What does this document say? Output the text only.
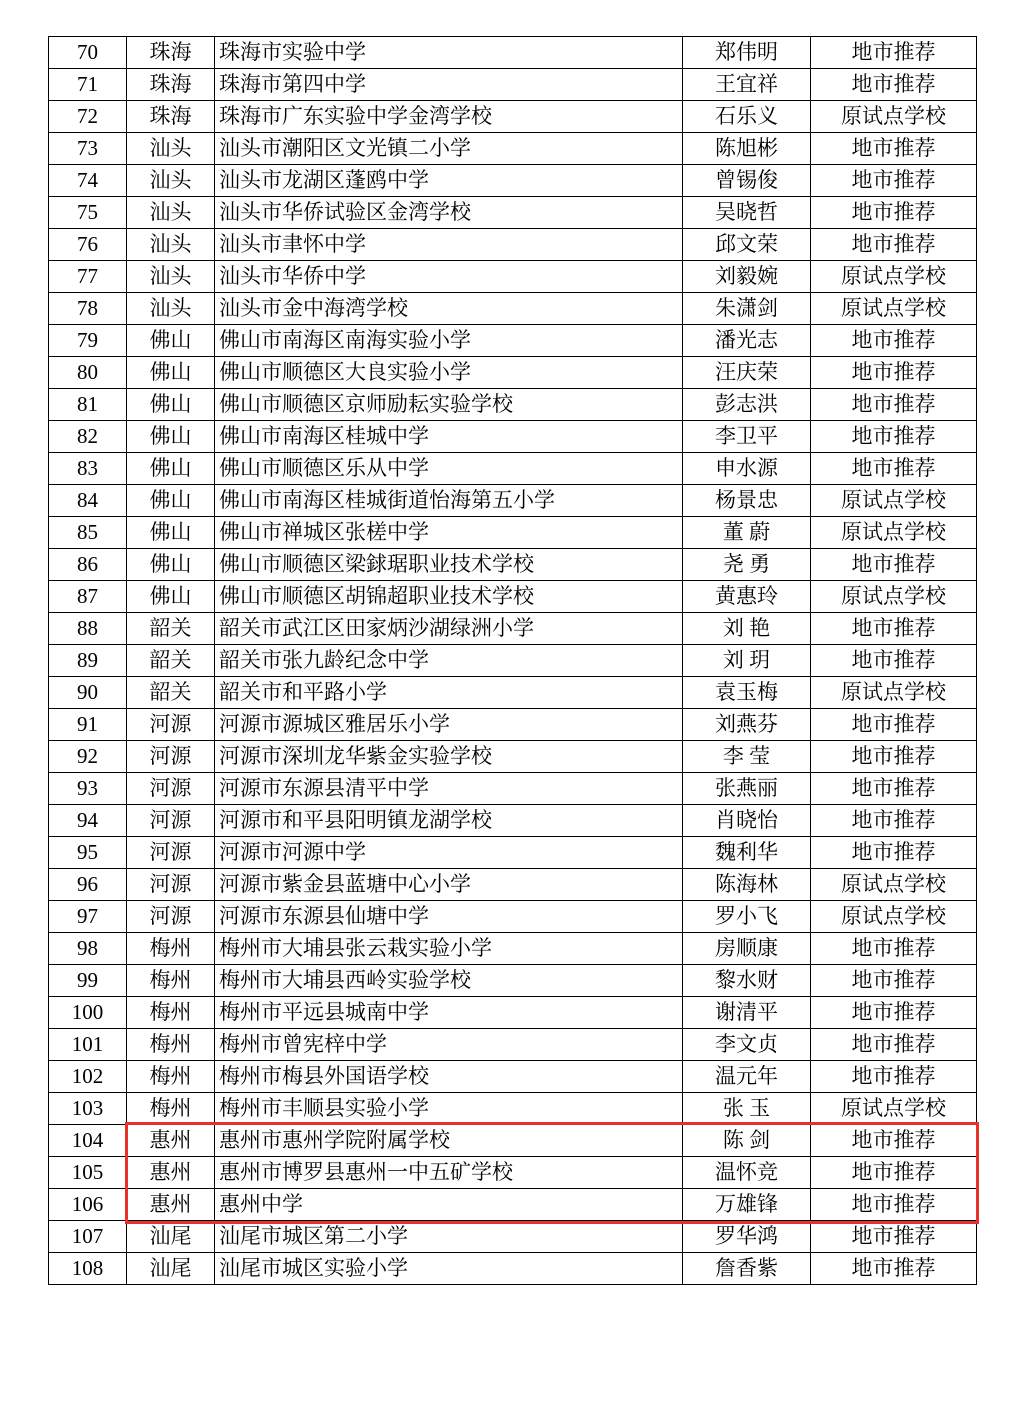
70	珠海	珠海市实验中学	郑伟明	地市推荐
71	珠海	珠海市第四中学	王宜祥	地市推荐
72	珠海	珠海市广东实验中学金湾学校	石乐义	原试点学校
73	汕头	汕头市潮阳区文光镇二小学	陈旭彬	地市推荐
74	汕头	汕头市龙湖区蓬鸥中学	曾锡俊	地市推荐
75	汕头	汕头市华侨试验区金湾学校	吴晓哲	地市推荐
76	汕头	汕头市聿怀中学	邱文荣	地市推荐
77	汕头	汕头市华侨中学	刘毅婉	原试点学校
78	汕头	汕头市金中海湾学校	朱潇剑	原试点学校
79	佛山	佛山市南海区南海实验小学	潘光志	地市推荐
80	佛山	佛山市顺德区大良实验小学	汪庆荣	地市推荐
81	佛山	佛山市顺德区京师励耘实验学校	彭志洪	地市推荐
82	佛山	佛山市南海区桂城中学	李卫平	地市推荐
83	佛山	佛山市顺德区乐从中学	申水源	地市推荐
84	佛山	佛山市南海区桂城街道怡海第五小学	杨景忠	原试点学校
85	佛山	佛山市禅城区张槎中学	董 蔚	原试点学校
86	佛山	佛山市顺德区梁銶琚职业技术学校	尧 勇	地市推荐
87	佛山	佛山市顺德区胡锦超职业技术学校	黄惠玲	原试点学校
88	韶关	韶关市武江区田家炳沙湖绿洲小学	刘 艳	地市推荐
89	韶关	韶关市张九龄纪念中学	刘 玥	地市推荐
90	韶关	韶关市和平路小学	袁玉梅	原试点学校
91	河源	河源市源城区雅居乐小学	刘燕芬	地市推荐
92	河源	河源市深圳龙华紫金实验学校	李 莹	地市推荐
93	河源	河源市东源县清平中学	张燕丽	地市推荐
94	河源	河源市和平县阳明镇龙湖学校	肖晓怡	地市推荐
95	河源	河源市河源中学	魏利华	地市推荐
96	河源	河源市紫金县蓝塘中心小学	陈海林	原试点学校
97	河源	河源市东源县仙塘中学	罗小飞	原试点学校
98	梅州	梅州市大埔县张云栽实验小学	房顺康	地市推荐
99	梅州	梅州市大埔县西岭实验学校	黎水财	地市推荐
100	梅州	梅州市平远县城南中学	谢清平	地市推荐
101	梅州	梅州市曾宪梓中学	李文贞	地市推荐
102	梅州	梅州市梅县外国语学校	温元年	地市推荐
103	梅州	梅州市丰顺县实验小学	张 玉	原试点学校
104	惠州	惠州市惠州学院附属学校	陈 剑	地市推荐
105	惠州	惠州市博罗县惠州一中五矿学校	温怀竞	地市推荐
106	惠州	惠州中学	万雄锋	地市推荐
107	汕尾	汕尾市城区第二小学	罗华鸿	地市推荐
108	汕尾	汕尾市城区实验小学	詹香紫	地市推荐
